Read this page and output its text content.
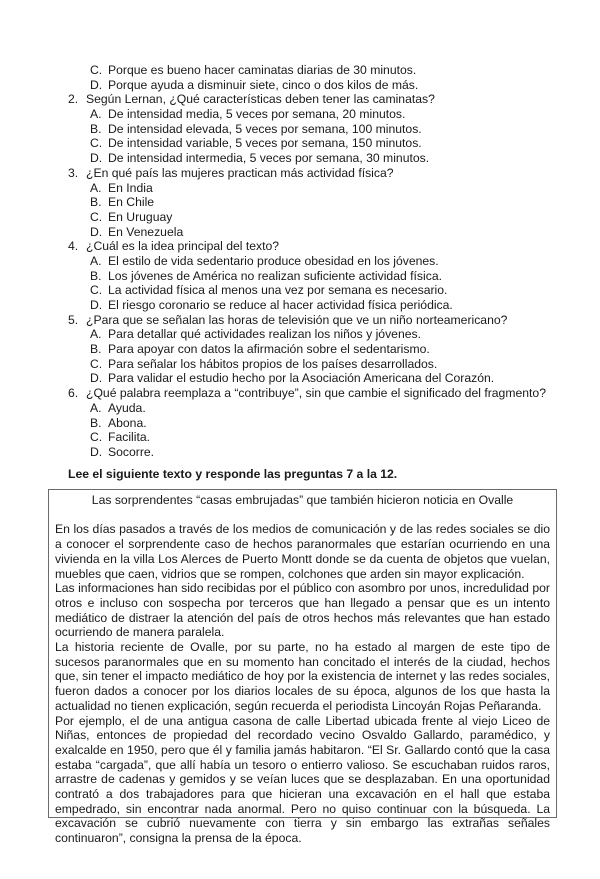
C. Porque es bueno hacer caminatas diarias de 30 minutos.
D. Porque ayuda a disminuir siete, cinco o dos kilos de más.
2. Según Lernan, ¿Qué características deben tener las caminatas?
A. De intensidad media, 5 veces por semana, 20 minutos.
B. De intensidad elevada, 5 veces por semana, 100 minutos.
C. De intensidad variable, 5 veces por semana, 150 minutos.
D. De intensidad intermedia, 5 veces por semana, 30 minutos.
3. ¿En qué país las mujeres practican más actividad física?
A. En India
B. En Chile
C. En Uruguay
D. En Venezuela
4. ¿Cuál es la idea principal del texto?
A. El estilo de vida sedentario produce obesidad en los jóvenes.
B. Los jóvenes de América no realizan suficiente actividad física.
C. La actividad física al menos una vez por semana es necesario.
D. El riesgo coronario se reduce al hacer actividad física periódica.
5. ¿Para que se señalan las horas de televisión que ve un niño norteamericano?
A. Para detallar qué actividades realizan los niños y jóvenes.
B. Para apoyar con datos la afirmación sobre el sedentarismo.
C. Para señalar los hábitos propios de los países desarrollados.
D. Para validar el estudio hecho por la Asociación Americana del Corazón.
6. ¿Qué palabra reemplaza a “contribuye”, sin que cambie el significado del fragmento?
A. Ayuda.
B. Abona.
C. Facilita.
D. Socorre.
Lee el siguiente texto y responde las preguntas 7 a la 12.
Las sorprendentes “casas embrujadas” que también hicieron noticia en Ovalle
En los días pasados a través de los medios de comunicación y de las redes sociales se dio a conocer el sorprendente caso de hechos paranormales que estarían ocurriendo en una vivienda en la villa Los Alerces de Puerto Montt donde se da cuenta de objetos que vuelan, muebles que caen, vidrios que se rompen, colchones que arden sin mayor explicación.
Las informaciones han sido recibidas por el público con asombro por unos, incredulidad por otros e incluso con sospecha por terceros que han llegado a pensar que es un intento mediático de distraer la atención del país de otros hechos más relevantes que han estado ocurriendo de manera paralela.
La historia reciente de Ovalle, por su parte, no ha estado al margen de este tipo de sucesos paranormales que en su momento han concitado el interés de la ciudad, hechos que, sin tener el impacto mediático de hoy por la existencia de internet y las redes sociales, fueron dados a conocer por los diarios locales de su época, algunos de los que hasta la actualidad no tienen explicación, según recuerda el periodista Lincoyán Rojas Peñaranda.
Por ejemplo, el de una antigua casona de calle Libertad ubicada frente al viejo Liceo de Niñas, entonces de propiedad del recordado vecino Osvaldo Gallardo, paramédico, y exalcalde en 1950, pero que él y familia jamás habitaron. “El Sr. Gallardo contó que la casa estaba “cargada”, que allí había un tesoro o entierro valioso. Se escuchaban ruidos raros, arrastre de cadenas y gemidos y se veían luces que se desplazaban. En una oportunidad contrató a dos trabajadores para que hicieran una excavación en el hall que estaba empedrado, sin encontrar nada anormal. Pero no quiso continuar con la búsqueda. La excavación se cubrió nuevamente con tierra y sin embargo las extrañas señales continuaron”, consigna la prensa de la época.
